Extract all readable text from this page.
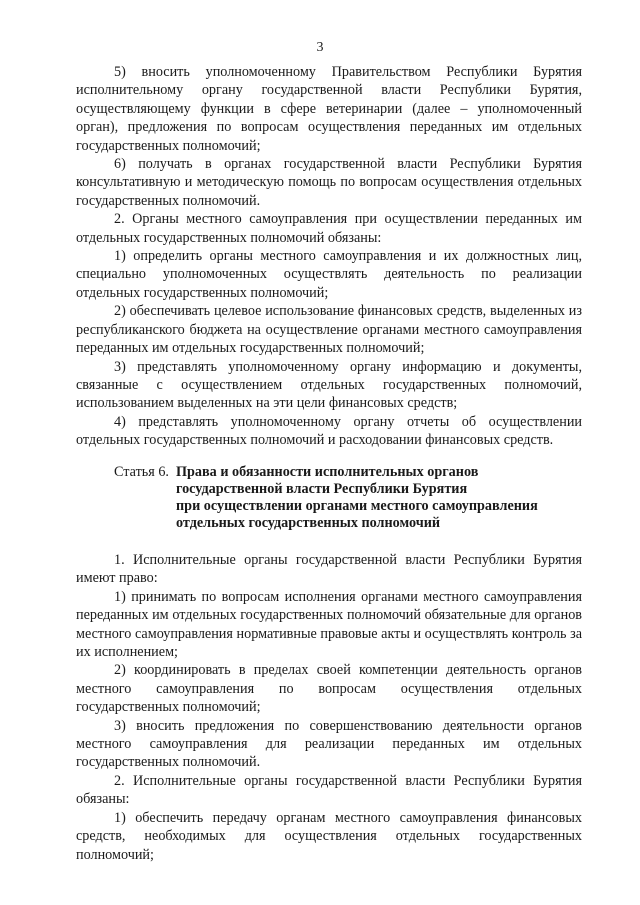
3

5) вносить уполномоченному Правительством Республики Бурятия исполнительному органу государственной власти Республики Бурятия, осуществляющему функции в сфере ветеринарии (далее – уполномоченный орган), предложения по вопросам осуществления переданных им отдельных государственных полномочий;

6) получать в органах государственной власти Республики Бурятия консультативную и методическую помощь по вопросам осуществления отдельных государственных полномочий.

2. Органы местного самоуправления при осуществлении переданных им отдельных государственных полномочий обязаны:

1) определить органы местного самоуправления и их должностных лиц, специально уполномоченных осуществлять деятельность по реализации отдельных государственных полномочий;

2) обеспечивать целевое использование финансовых средств, выделенных из республиканского бюджета на осуществление органами местного самоуправления переданных им отдельных государственных полномочий;

3) представлять уполномоченному органу информацию и документы, связанные с осуществлением отдельных государственных полномочий, использованием выделенных на эти цели финансовых средств;

4) представлять уполномоченному органу отчеты об осуществлении отдельных государственных полномочий и расходовании финансовых средств.

Статья 6. Права и обязанности исполнительных органов
государственной власти Республики Бурятия
при осуществлении органами местного самоуправления
отдельных государственных полномочий

1. Исполнительные органы государственной власти Республики Бурятия имеют право:

1) принимать по вопросам исполнения органами местного самоуправления переданных им отдельных государственных полномочий обязательные для органов местного самоуправления нормативные правовые акты и осуществлять контроль за их исполнением;

2) координировать в пределах своей компетенции деятельность органов местного самоуправления по вопросам осуществления отдельных государственных полномочий;

3) вносить предложения по совершенствованию деятельности органов местного самоуправления для реализации переданных им отдельных государственных полномочий.

2. Исполнительные органы государственной власти Республики Бурятия обязаны:

1) обеспечить передачу органам местного самоуправления финансовых средств, необходимых для осуществления отдельных государственных полномочий;
